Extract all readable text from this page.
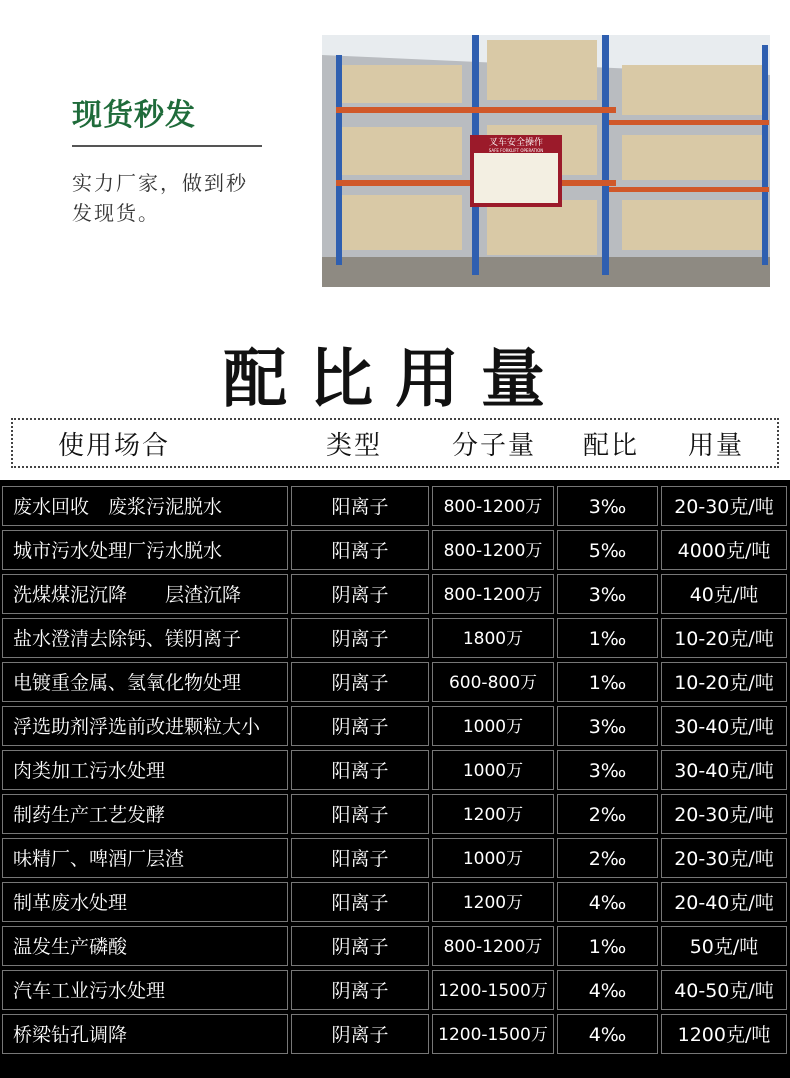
现货秒发
实力厂家，做到秒发现货。
叉车安全操作
SAFE FORKLIFT OPERATION
配比用量
使用场合	类型	分子量 配比 用量
废水回收　废浆污泥脱水	阳离子	800-1200万	3‰	20-30克/吨
城市污水处理厂污水脱水	阳离子	800-1200万	5‰	4000克/吨
洗煤煤泥沉降　　层渣沉降	阴离子	800-1200万	3‰	40克/吨
盐水澄清去除钙、镁阴离子	阴离子	1800万	1‰	10-20克/吨
电镀重金属、氢氧化物处理	阴离子	600-800万	1‰	10-20克/吨
浮选助剂浮选前改进颗粒大小	阴离子	1000万	3‰	30-40克/吨
肉类加工污水处理	阳离子	1000万	3‰	30-40克/吨
制药生产工艺发酵	阳离子	1200万	2‰	20-30克/吨
味精厂、啤酒厂层渣	阳离子	1000万	2‰	20-30克/吨
制革废水处理	阳离子	1200万	4‰	20-40克/吨
温发生产磷酸	阴离子	800-1200万	1‰	50克/吨
汽车工业污水处理	阴离子	1200-1500万	4‰	40-50克/吨
桥梁钻孔调降	阴离子	1200-1500万	4‰	1200克/吨
